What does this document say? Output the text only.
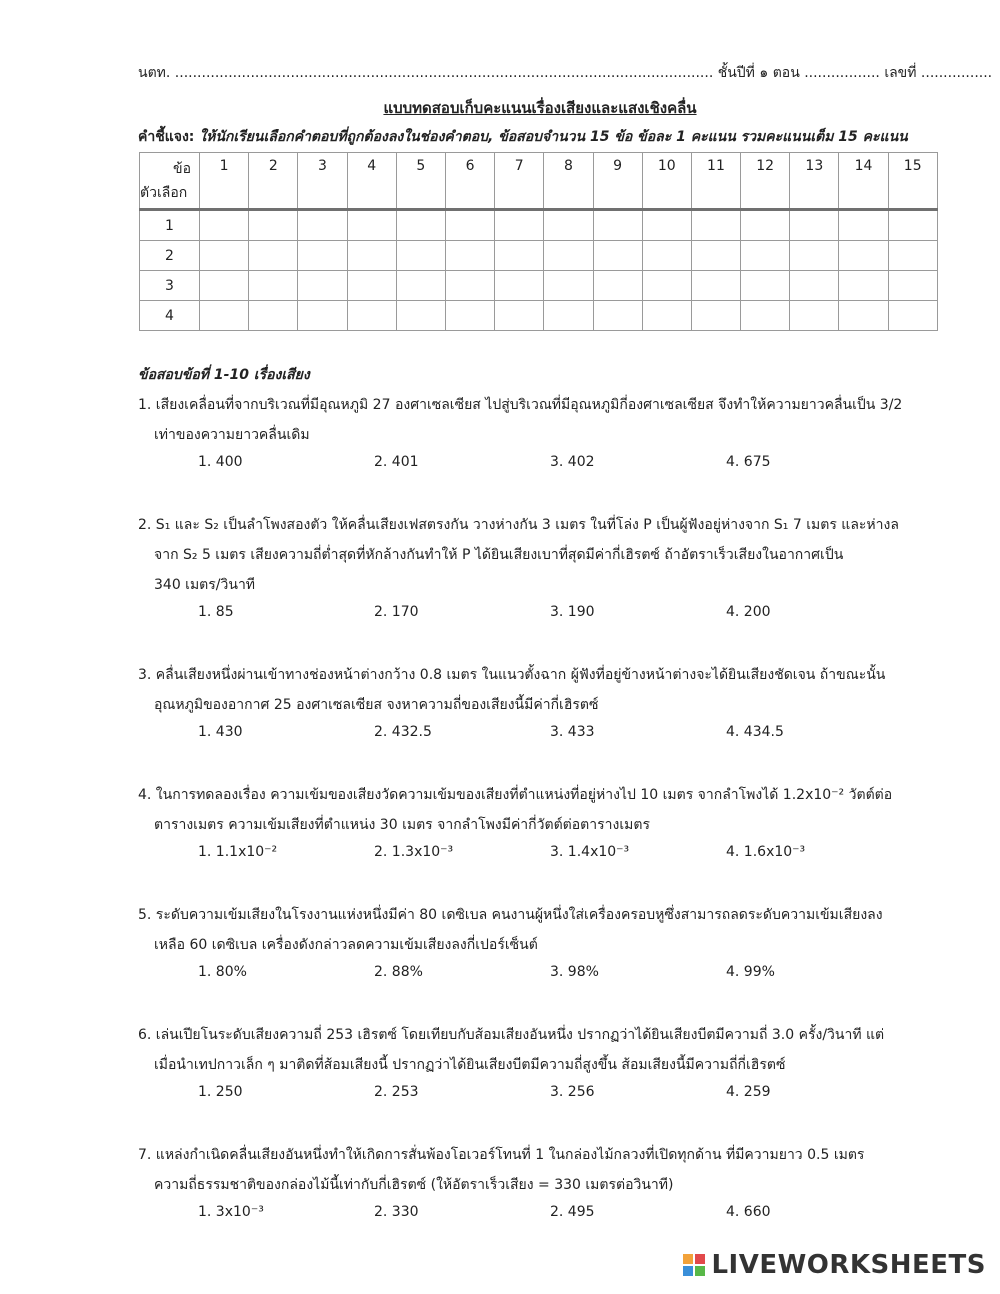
นตท. ......................................................................................................................... ชั้นปีที่ ๑ ตอน ................. เลขที่ ................
แบบทดสอบเก็บคะแนนเรื่องเสียงและแสงเชิงคลื่น
คำชี้แจง: ให้นักเรียนเลือกคำตอบที่ถูกต้องลงในช่องคำตอบ, ข้อสอบจำนวน 15 ข้อ ข้อละ 1 คะแนน รวมคะแนนเต็ม 15 คะแนน
ข้อ
ตัวเลือก	1	2	3	4	5	6	7	8	9	10	11	12	13	14	15
1															
2															
3															
4															
ข้อสอบข้อที่ 1-10 เรื่องเสียง
1. เสียงเคลื่อนที่จากบริเวณที่มีอุณหภูมิ 27 องศาเซลเซียส ไปสู่บริเวณที่มีอุณหภูมิกี่องศาเซลเซียส จึงทำให้ความยาวคลื่นเป็น 3/2
เท่าของความยาวคลื่นเดิม
1. 400	2. 401	3. 402	4. 675
2. S₁ และ S₂ เป็นลำโพงสองตัว ให้คลื่นเสียงเฟสตรงกัน วางห่างกัน 3 เมตร ในที่โล่ง P เป็นผู้ฟังอยู่ห่างจาก S₁ 7 เมตร และห่างล
จาก S₂ 5 เมตร เสียงความถี่ต่ำสุดที่หักล้างกันทำให้ P ได้ยินเสียงเบาที่สุดมีค่ากี่เฮิรตซ์ ถ้าอัตราเร็วเสียงในอากาศเป็น
340 เมตร/วินาที
1. 85	2. 170	3. 190	4. 200
3. คลื่นเสียงหนึ่งผ่านเข้าทางช่องหน้าต่างกว้าง 0.8 เมตร ในแนวตั้งฉาก ผู้ฟังที่อยู่ข้างหน้าต่างจะได้ยินเสียงชัดเจน ถ้าขณะนั้น
อุณหภูมิของอากาศ 25 องศาเซลเซียส จงหาความถี่ของเสียงนี้มีค่ากี่เฮิรตซ์
1. 430	2. 432.5	3. 433	4. 434.5
4. ในการทดลองเรื่อง ความเข้มของเสียงวัดความเข้มของเสียงที่ตำแหน่งที่อยู่ห่างไป 10 เมตร จากลำโพงได้ 1.2x10⁻² วัตต์ต่อ
ตารางเมตร ความเข้มเสียงที่ตำแหน่ง 30 เมตร จากลำโพงมีค่ากี่วัตต์ต่อตารางเมตร
1. 1.1x10⁻²	2. 1.3x10⁻³	3. 1.4x10⁻³	4. 1.6x10⁻³
5. ระดับความเข้มเสียงในโรงงานแห่งหนึ่งมีค่า 80 เดซิเบล คนงานผู้หนึ่งใส่เครื่องครอบหูซึ่งสามารถลดระดับความเข้มเสียงลง
เหลือ 60 เดซิเบล เครื่องดังกล่าวลดความเข้มเสียงลงกี่เปอร์เซ็นต์
1. 80%	2. 88%	3. 98%	4. 99%
6. เล่นเปียโนระดับเสียงความถี่ 253 เฮิรตซ์ โดยเทียบกับส้อมเสียงอันหนึ่ง ปรากฏว่าได้ยินเสียงบีตมีความถี่ 3.0 ครั้ง/วินาที แต่
เมื่อนำเทปกาวเล็ก ๆ มาติดที่ส้อมเสียงนี้ ปรากฏว่าได้ยินเสียงบีตมีความถี่สูงขึ้น ส้อมเสียงนี้มีความถี่กี่เฮิรตซ์
1. 250	2. 253	3. 256	4. 259
7. แหล่งกำเนิดคลื่นเสียงอันหนึ่งทำให้เกิดการสั่นพ้องโอเวอร์โทนที่ 1 ในกล่องไม้กลวงที่เปิดทุกด้าน ที่มีความยาว 0.5 เมตร
ความถี่ธรรมชาติของกล่องไม้นี้เท่ากับกี่เฮิรตซ์ (ให้อัตราเร็วเสียง = 330 เมตรต่อวินาที)
1. 3x10⁻³	2. 330	2. 495	4. 660
LIVEWORKSHEETS
